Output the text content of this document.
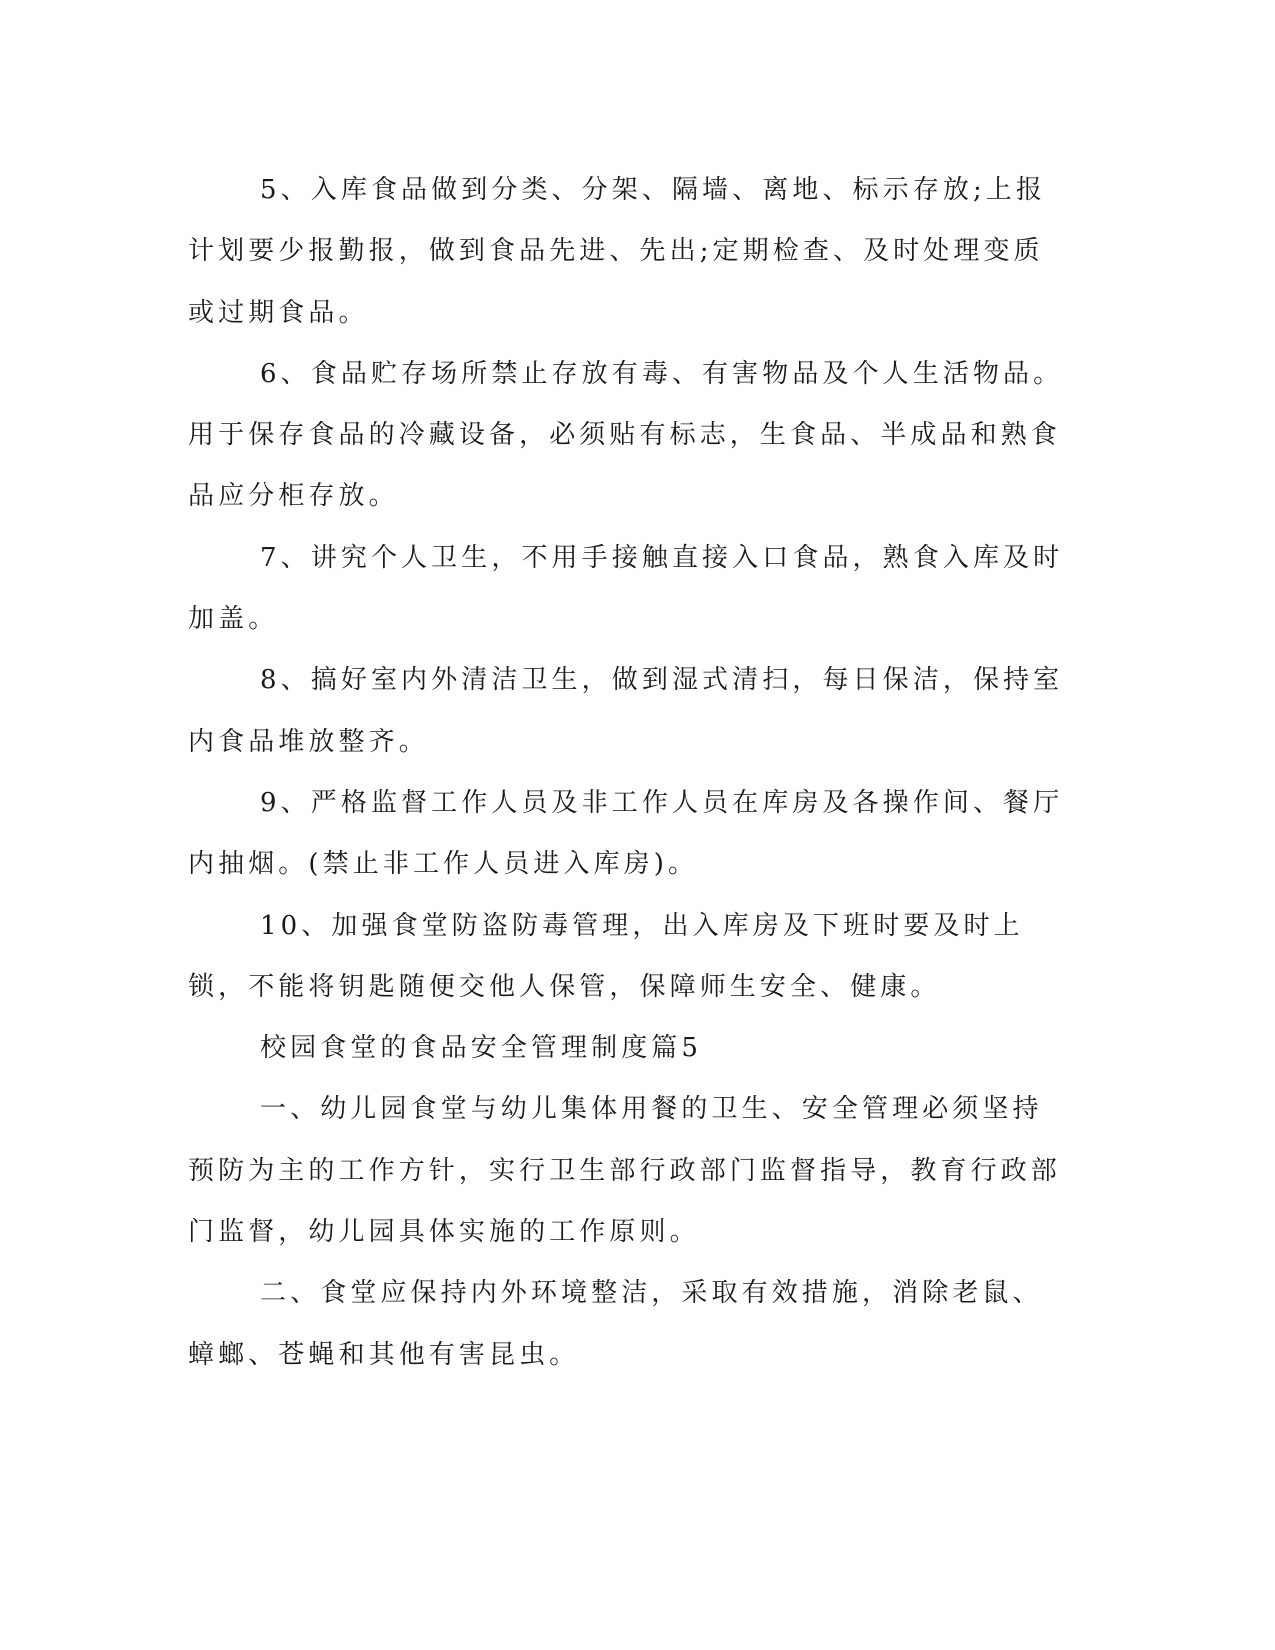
5、入库食品做到分类、分架、隔墙、离地、标示存放;上报计划要少报勤报，做到食品先进、先出;定期检查、及时处理变质或过期食品。

6、食品贮存场所禁止存放有毒、有害物品及个人生活物品。用于保存食品的冷藏设备，必须贴有标志，生食品、半成品和熟食品应分柜存放。

7、讲究个人卫生，不用手接触直接入口食品，熟食入库及时加盖。

8、搞好室内外清洁卫生，做到湿式清扫，每日保洁，保持室内食品堆放整齐。

9、严格监督工作人员及非工作人员在库房及各操作间、餐厅内抽烟。(禁止非工作人员进入库房)。

10、加强食堂防盗防毒管理，出入库房及下班时要及时上锁，不能将钥匙随便交他人保管，保障师生安全、健康。

校园食堂的食品安全管理制度篇5

一、幼儿园食堂与幼儿集体用餐的卫生、安全管理必须坚持预防为主的工作方针，实行卫生部行政部门监督指导，教育行政部门监督，幼儿园具体实施的工作原则。

二、食堂应保持内外环境整洁，采取有效措施，消除老鼠、蟑螂、苍蝇和其他有害昆虫。
